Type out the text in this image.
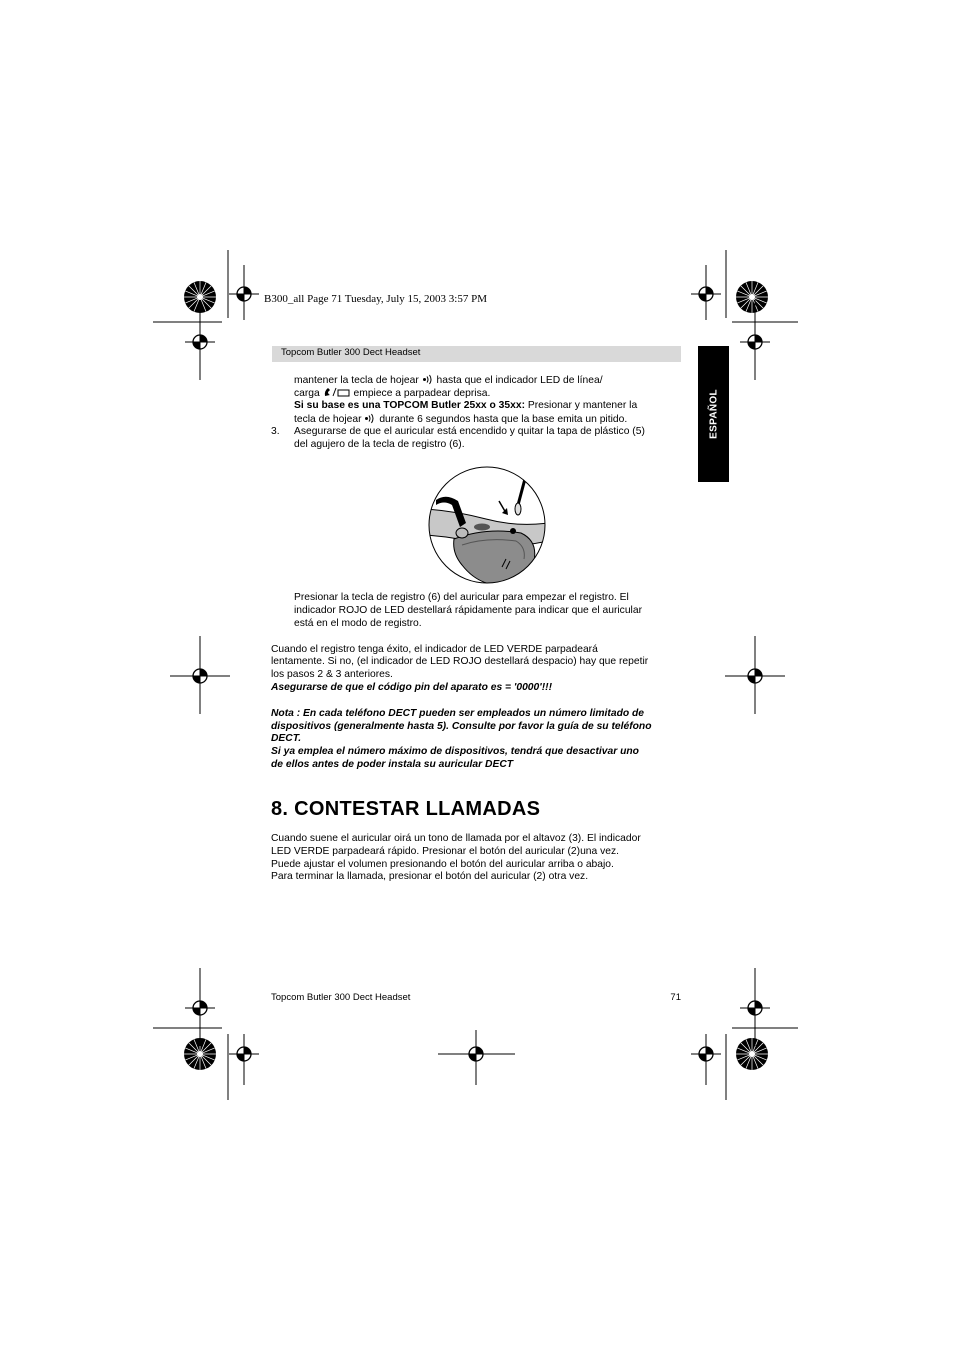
B300_all Page 71 Tuesday, July 15, 2003 3:57 PM
Topcom Butler 300 Dect Headset
ESPAÑOL
mantener la tecla de hojear hasta que el indicador LED de línea/
carga	empiece a parpadear deprisa.
Si su base es una TOPCOM Butler 25xx o 35xx: Presionar y mantener la
tecla de hojear durante 6 segundos hasta que la base emita un pitido.
3.	Asegurarse de que el auricular está encendido y quitar la tapa de plástico (5)
del agujero de la tecla de registro (6).
Presionar la tecla de registro (6) del auricular para empezar el registro. El
indicador ROJO de LED destellará rápidamente para indicar que el auricular
está en el modo de registro.
Cuando el registro tenga éxito, el indicador de LED VERDE parpadeará
lentamente. Si no, (el indicador de LED ROJO destellará despacio) hay que repetir
los pasos 2 & 3 anteriores.
Asegurarse de que el código pin del aparato es = '0000'!!!
Nota : En cada teléfono DECT pueden ser empleados un número limitado de
dispositivos (generalmente hasta 5). Consulte por favor la guía de su teléfono
DECT.
Si ya emplea el número máximo de dispositivos, tendrá que desactivar uno
de ellos antes de poder instala su auricular DECT
8. CONTESTAR LLAMADAS
Cuando suene el auricular oirá un tono de llamada por el altavoz (3). El indicador
LED VERDE parpadeará rápido. Presionar el botón del auricular (2)una vez.
Puede ajustar el volumen presionando el botón del auricular arriba o abajo.
Para terminar la llamada, presionar el botón del auricular (2) otra vez.
Topcom Butler 300 Dect Headset	71
